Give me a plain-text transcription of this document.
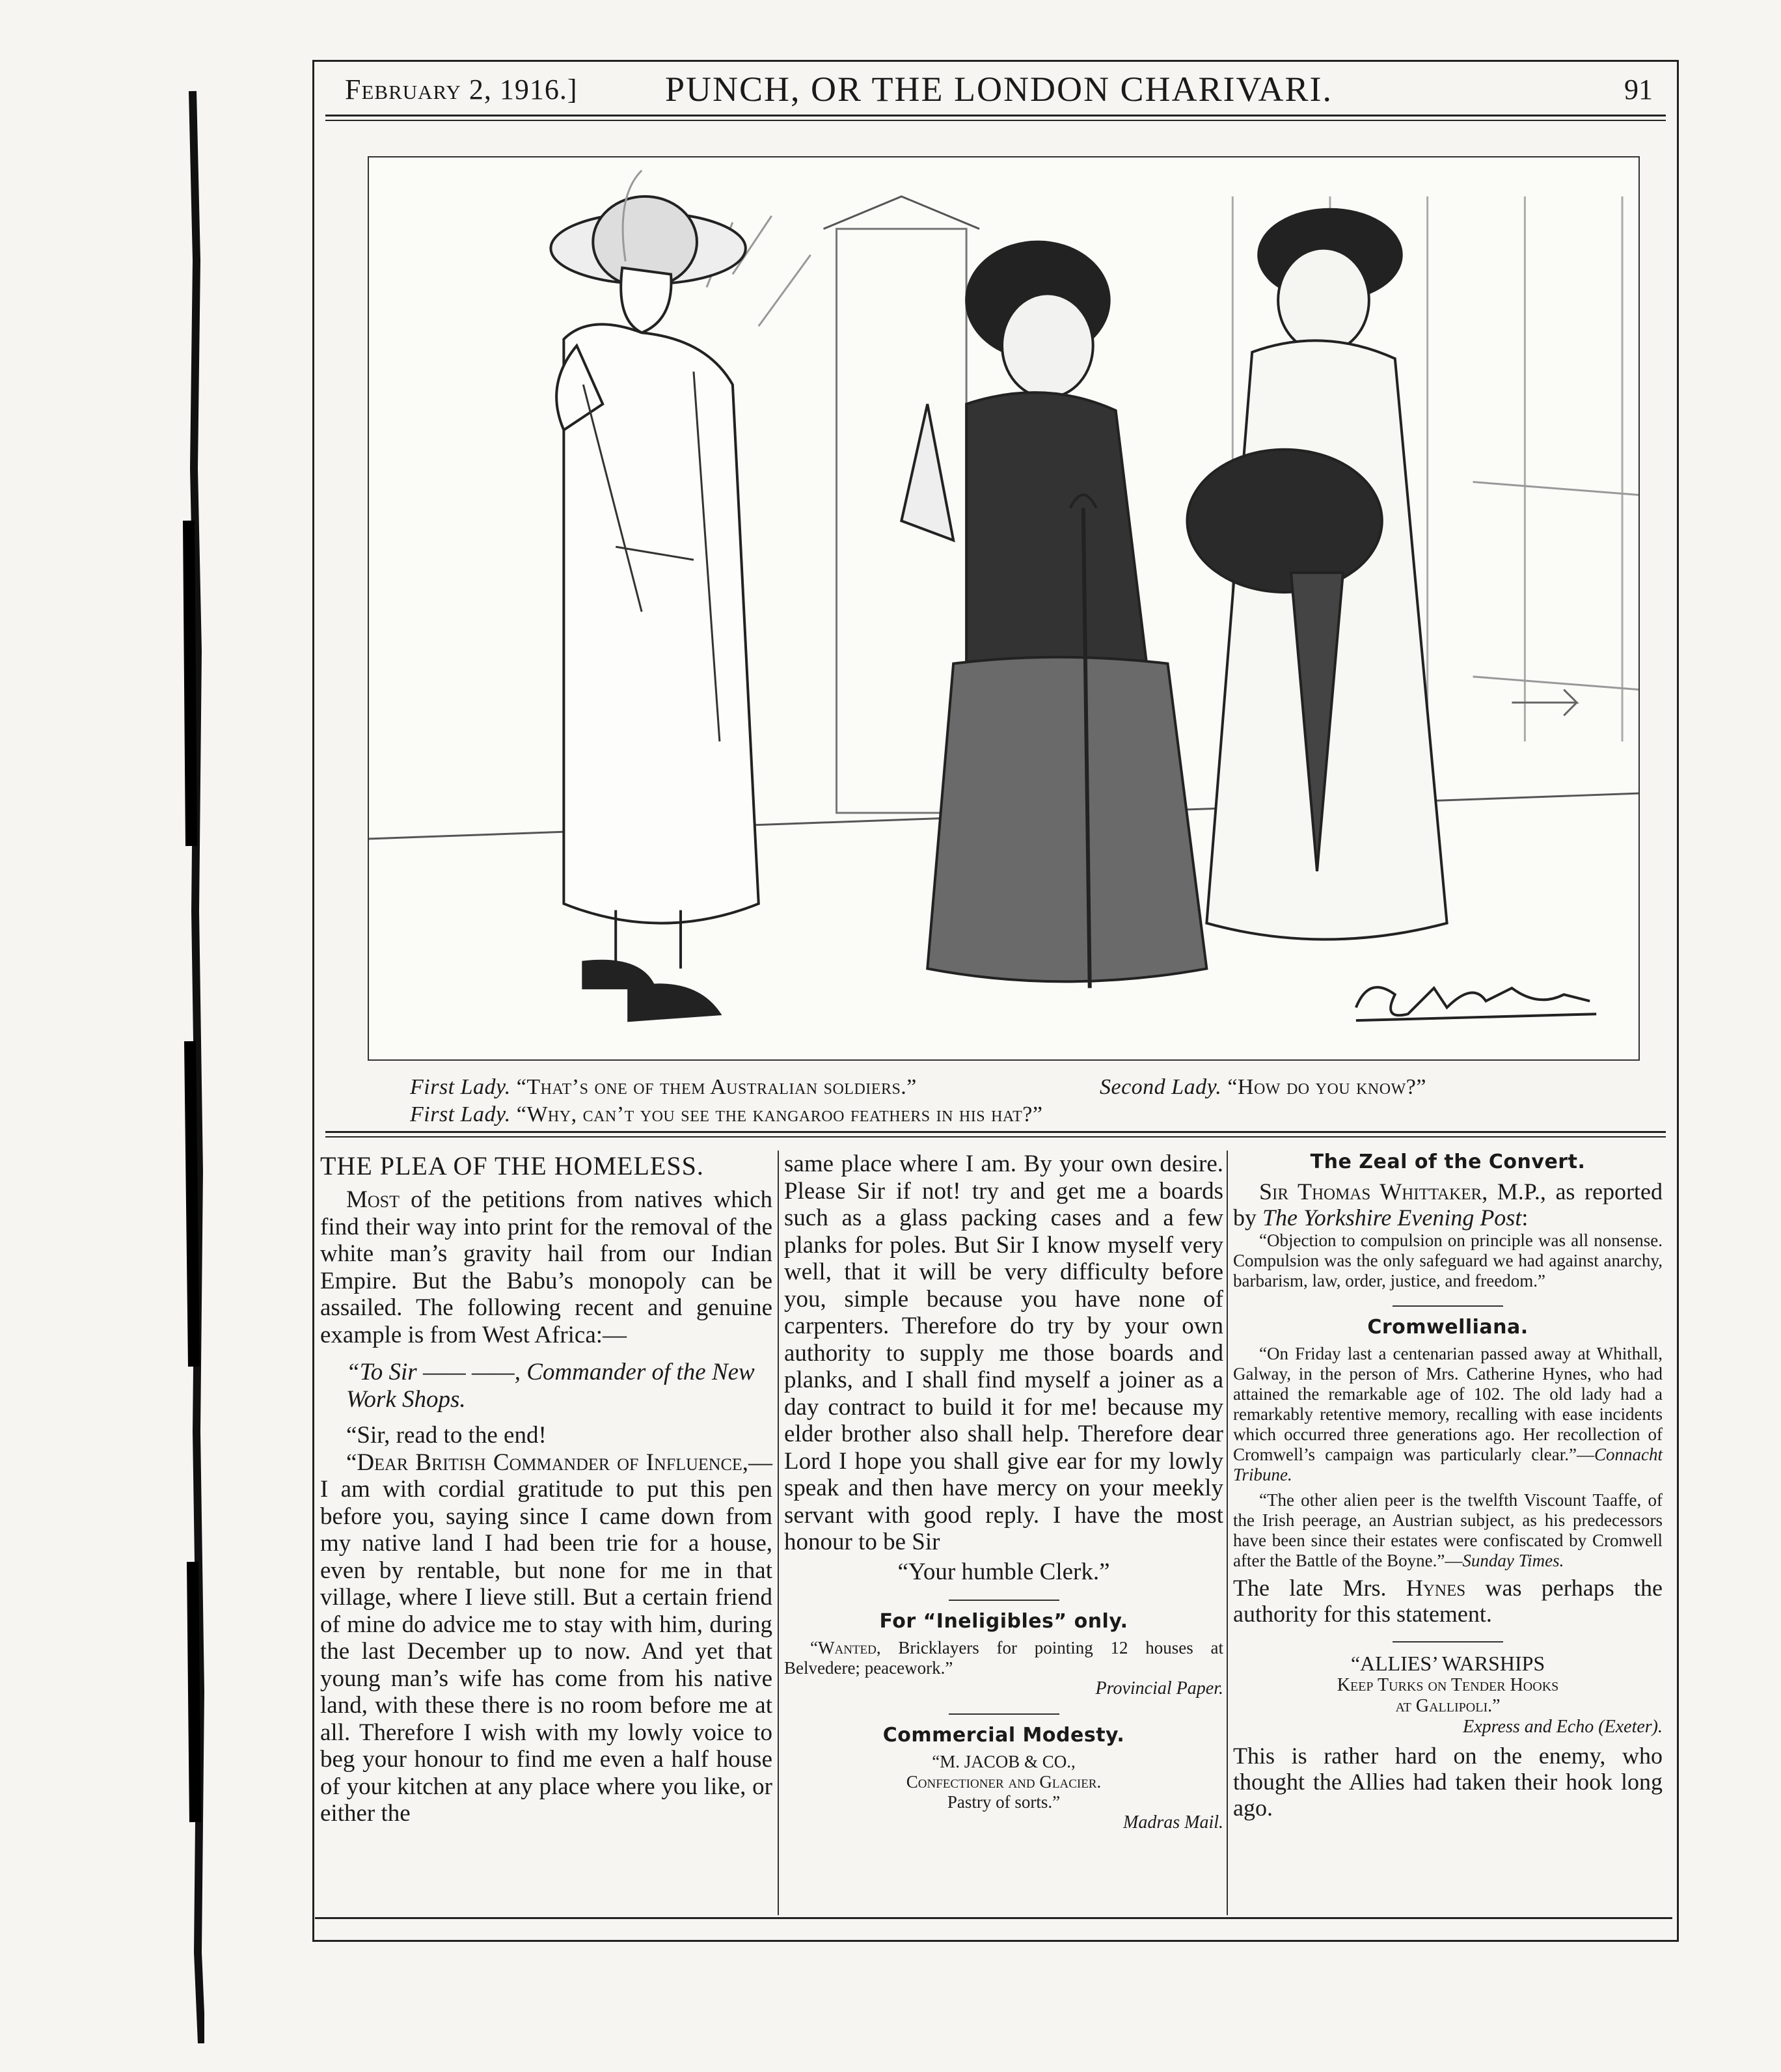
February 2, 1916.]	PUNCH, OR THE LONDON CHARIVARI.	91
First Lady. “That’s one of them Australian soldiers.”	Second Lady. “How do you know?”
First Lady. “Why, can’t you see the kangaroo feathers in his hat?”
THE PLEA OF THE HOMELESS.

Most of the petitions from natives which find their way into print for the removal of the white man’s gravity hail from our Indian Empire. But the Babu’s monopoly can be assailed. The following recent and genuine example is from West Africa:—

“To Sir —— ——, Commander of the New Work Shops.

“Sir, read to the end!

“Dear British Commander of Influence,—I am with cordial gratitude to put this pen before you, saying since I came down from my native land I had been trie for a house, even by rentable, but none for me in that village, where I lieve still. But a certain friend of mine do advice me to stay with him, during the last December up to now. And yet that young man’s wife has come from his native land, with these there is no room before me at all. Therefore I wish with my lowly voice to beg your honour to find me even a half house of your kitchen at any place where you like, or either the

same place where I am. By your own desire. Please Sir if not! try and get me a boards such as a glass packing cases and a few planks for poles. But Sir I know myself very well, that it will be very difficulty before you, simple because you have none of carpenters. Therefore do try by your own authority to supply me those boards and planks, and I shall find myself a joiner as a day contract to build it for me! because my elder brother also shall help. Therefore dear Lord I hope you shall give ear for my lowly speak and then have mercy on your meekly servant with good reply. I have the most honour to be Sir

“Your humble Clerk.”
For “Ineligibles” only.

“Wanted, Bricklayers for pointing 12 houses at Belvedere; peacework.”

Provincial Paper.

Commercial Modesty.
“M. JACOB & CO.,
Confectioner and Glacier.
Pastry of sorts.”

Madras Mail.

The Zeal of the Convert.

Sir Thomas Whittaker, M.P., as reported by The Yorkshire Evening Post:

“Objection to compulsion on principle was all nonsense. Compulsion was the only safeguard we had against anarchy, barbarism, law, order, justice, and freedom.”

Cromwelliana.

“On Friday last a centenarian passed away at Whithall, Galway, in the person of Mrs. Catherine Hynes, who had attained the remarkable age of 102. The old lady had a remarkably retentive memory, recalling with ease incidents which occurred three generations ago. Her recollection of Cromwell’s campaign was particularly clear.”—Connacht Tribune.

“The other alien peer is the twelfth Viscount Taaffe, of the Irish peerage, an Austrian subject, as his predecessors have been since their estates were confiscated by Cromwell after the Battle of the Boyne.”—Sunday Times.

The late Mrs. Hynes was perhaps the authority for this statement.

“ALLIES’ WARSHIPS
Keep Turks on Tender Hooks
at Gallipoli.”

Express and Echo (Exeter).

This is rather hard on the enemy, who thought the Allies had taken their hook long ago.
